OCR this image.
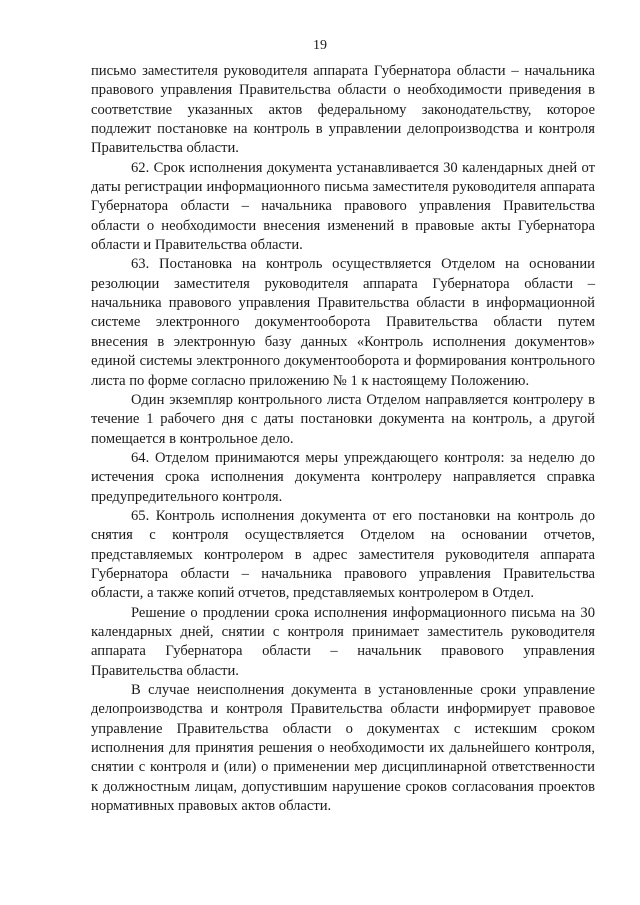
19

письмо заместителя руководителя аппарата Губернатора области – начальника правового управления Правительства области о необходимости приведения в соответствие указанных актов федеральному законодательству, которое подлежит постановке на контроль в управлении делопроизводства и контроля Правительства области.

62. Срок исполнения документа устанавливается 30 календарных дней от даты регистрации информационного письма заместителя руководителя аппарата Губернатора области – начальника правового управления Правительства области о необходимости внесения изменений в правовые акты Губернатора области и Правительства области.

63. Постановка на контроль осуществляется Отделом на основании резолюции заместителя руководителя аппарата Губернатора области – начальника правового управления Правительства области в информационной системе электронного документооборота Правительства области путем внесения в электронную базу данных «Контроль исполнения документов» единой системы электронного документооборота и формирования контрольного листа по форме согласно приложению № 1 к настоящему Положению.

Один экземпляр контрольного листа Отделом направляется контролеру в течение 1 рабочего дня с даты постановки документа на контроль, а другой помещается в контрольное дело.

64. Отделом принимаются меры упреждающего контроля: за неделю до истечения срока исполнения документа контролеру направляется справка предупредительного контроля.

65. Контроль исполнения документа от его постановки на контроль до снятия с контроля осуществляется Отделом на основании отчетов, представляемых контролером в адрес заместителя руководителя аппарата Губернатора области – начальника правового управления Правительства области, а также копий отчетов, представляемых контролером в Отдел.

Решение о продлении срока исполнения информационного письма на 30 календарных дней, снятии с контроля принимает заместитель руководителя аппарата Губернатора области – начальник правового управления Правительства области.

В случае неисполнения документа в установленные сроки управление делопроизводства и контроля Правительства области информирует правовое управление Правительства области о документах с истекшим сроком исполнения для принятия решения о необходимости их дальнейшего контроля, снятии с контроля и (или) о применении мер дисциплинарной ответственности к должностным лицам, допустившим нарушение сроков согласования проектов нормативных правовых актов области.
